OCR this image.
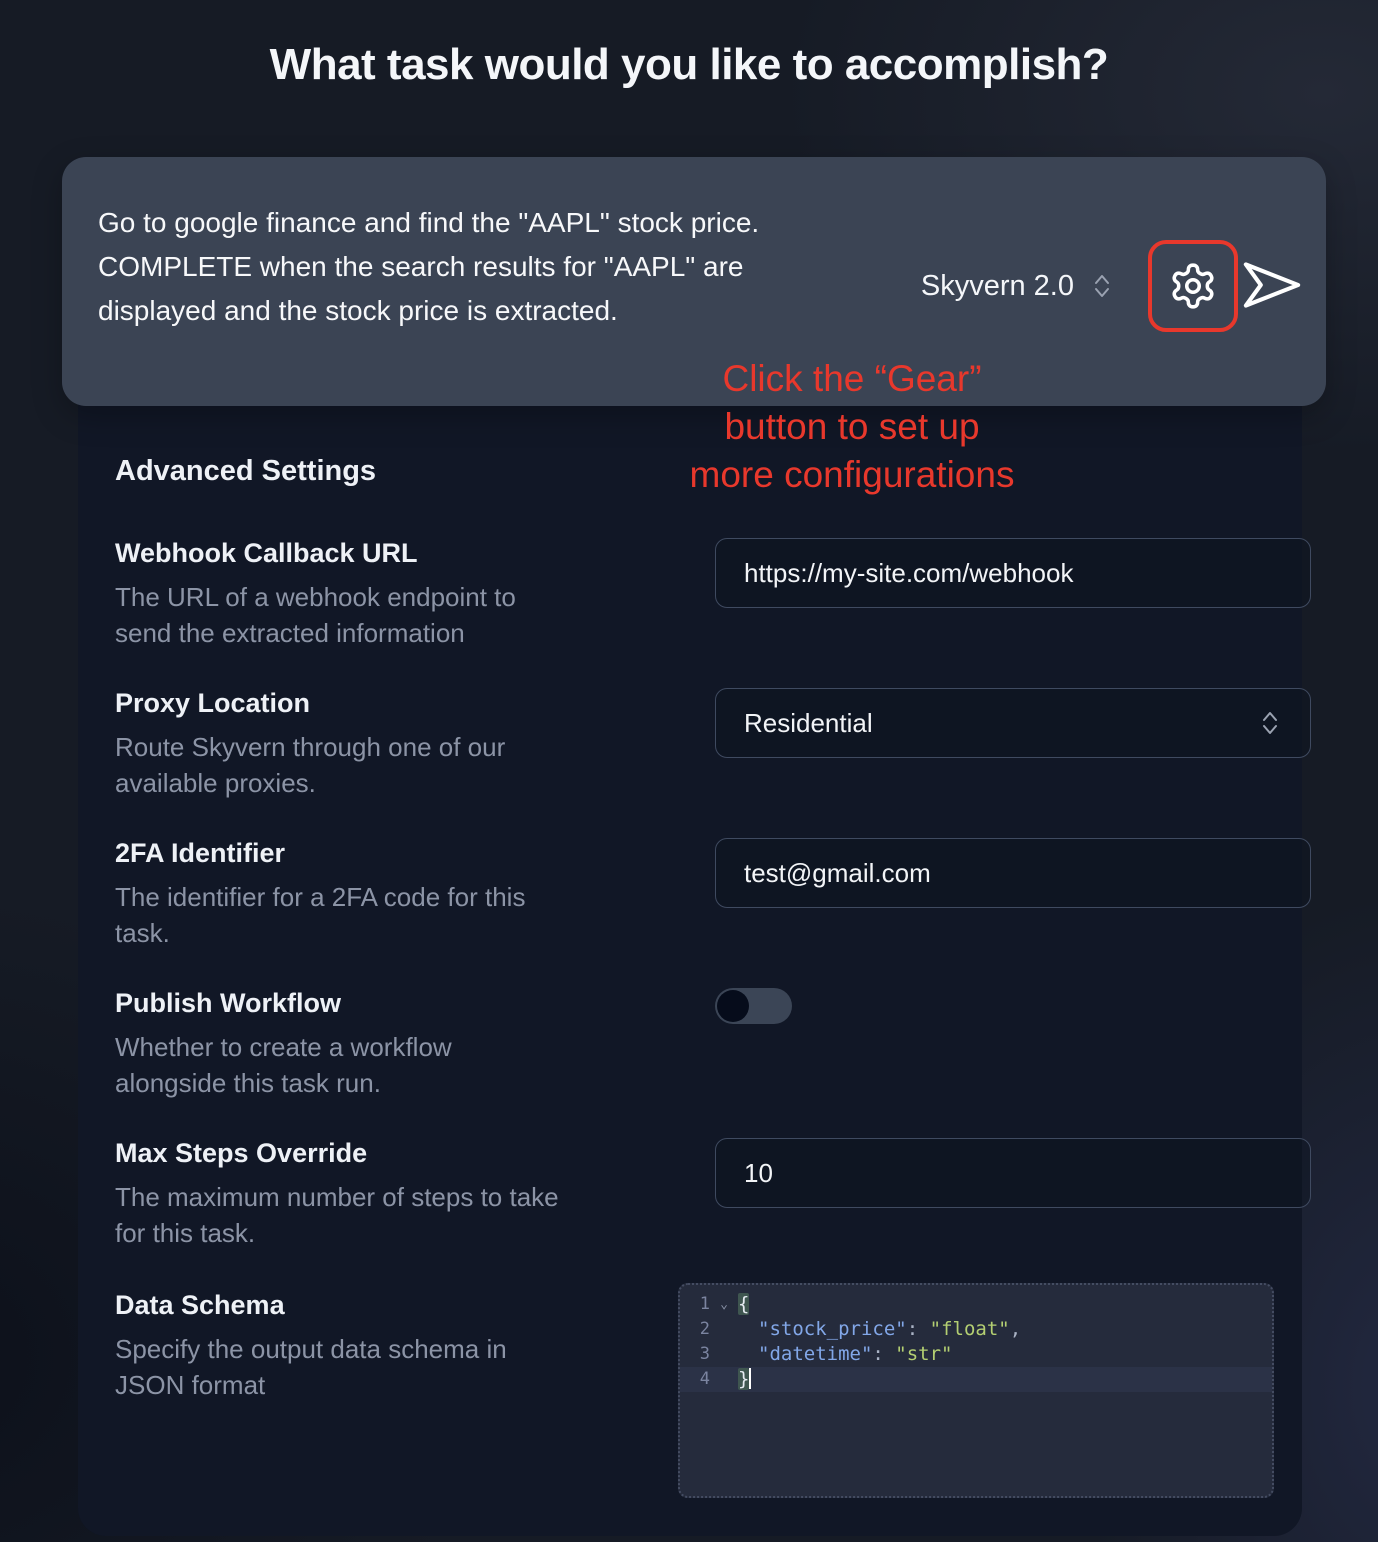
What task would you like to accomplish?
Advanced Settings
Webhook Callback URL
The URL of a webhook endpoint to send the extracted information
https://my-site.com/webhook
Proxy Location
Route Skyvern through one of our available proxies.
Residential
2FA Identifier
The identifier for a 2FA code for this task.
test@gmail.com
Publish Workflow
Whether to create a workflow alongside this task run.
Max Steps Override
The maximum number of steps to take for this task.
10
Data Schema
Specify the output data schema in JSON format
1 ⌄ {
2	"stock_price": "float",
3	"datetime": "str"
4 }
Go to google finance and find the "AAPL" stock price. COMPLETE when the search results for "AAPL" are displayed and the stock price is extracted.
Skyvern 2.0
Click the “Gear”
button to set up
more configurations
